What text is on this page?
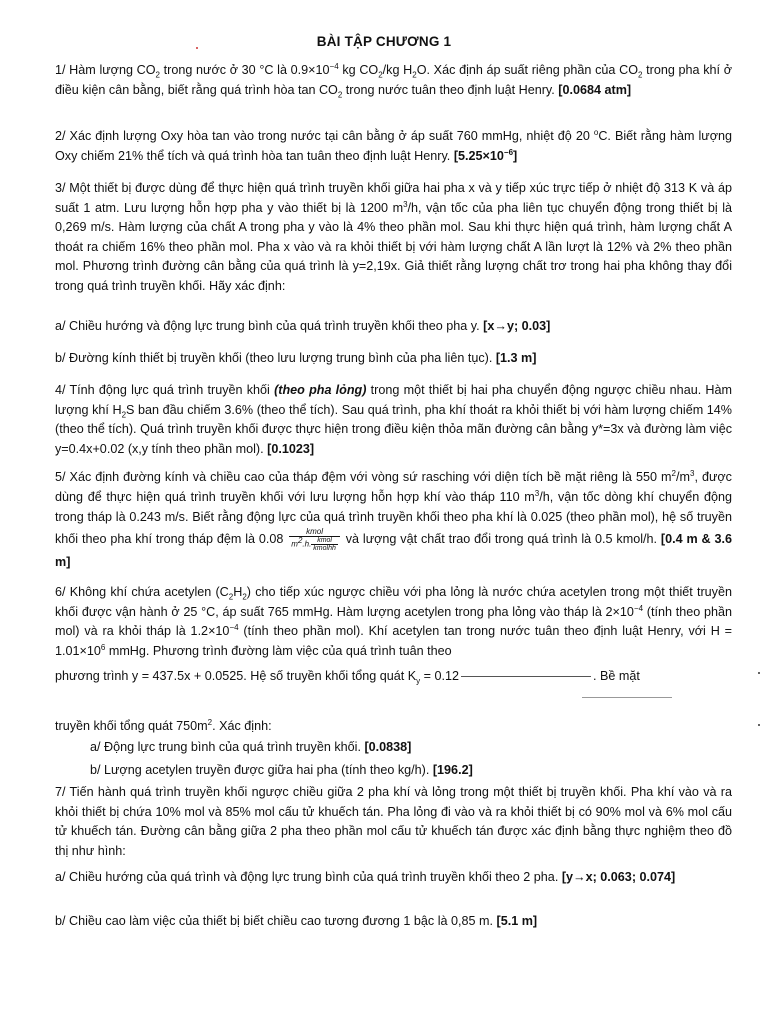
BÀI TẬP CHƯƠNG 1

1/ Hàm lượng $CO_2$ trong nước ở 30 °C là $0.9\times 10^{-4}$ kg $CO_2/kg$ $H_2O$. Xác định áp suất riêng phần của $CO_2$ trong pha khí ở điều kiện cân bằng, biết rằng quá trình hòa $\tan CO_2$ trong nước tuân theo định luật Henry. [0.0684 atm]

2/ Xác định lượng Oxy hòa tan vào trong nước tại cân bằng ở áp suất 760 mmHg, nhiệt độ 20 $^o$C. Biết rằng hàm lượng Oxy chiếm 21% thể tích và quá trình hòa tan tuân theo định luật Henry. $[5.25\times 10^{-6}]$

3/ Một thiết bị được dùng để thực hiện quá trình truyền khối giữa hai pha x và y tiếp xúc trực tiếp ở nhiệt độ 313 K và áp suất 1 atm. Lưu lượng hỗn hợp pha y vào thiết bị là 1200 $m^3/h$, vận tốc của pha liên tục chuyển động trong thiết bị là 0,269 m/s. Hàm lượng của chất A trong pha y vào là 4% theo phần mol. Sau khi thực hiện quá trình, hàm lượng chất A thoát ra chiếm 16% theo phần mol. Pha x vào và ra khỏi thiết bị với hàm lượng chất A lần lượt là 12% và 2% theo phần mol. Phương trình đường cân bằng của quá trình là y=2,19x. Giả thiết rằng lượng chất trơ trong hai pha không thay đổi trong quá trình truyền khối. Hãy xác định:

a/ Chiều hướng và động lực trung bình của quá trình truyền khối theo pha y. [x→y; 0.03]

b/ Đường kính thiết bị truyền khối (theo lưu lượng trung bình của pha liên tục). [1.3 m]

4/ Tính động lực quá trình truyền khối (theo pha lỏng) trong một thiết bị hai pha chuyển động ngược chiều nhau. Hàm lượng khí $H_2S$ ban đầu chiếm 3.6% (theo thể tích). Sau quá trình, pha khí thoát ra khỏi thiết bị với hàm lượng chiếm 14% (theo thể tích). Quá trình truyền khối được thực hiện trong điều kiện thỏa mãn đường cân bằng y*=3x và đường làm việc y=0.4x+0.02 (x,y tính theo phần mol). [0.1023]

5/ Xác định đường kính và chiều cao của tháp đệm với vòng sứ rasching với diện tích bề mặt riêng là 550 $m^2/m^3$, được dùng để thực hiện quá trình truyền khối với lưu lượng hỗn hợp khí vào tháp 110 $m^3/h$, vận tốc dòng khí chuyển động trong tháp là 0.243 m/s. Biết rằng động lực của quá trình truyền khối theo pha khí là 0.025 (theo phần mol), hệ số truyền khối theo pha khí trong tháp đệm là $0.08 \frac{\text{kmol}}{m^2.h. \frac{\text{kmol}}{\text{kmolhh}}}$ và lượng vật chất trao đổi trong quá trình là 0.5 kmol/h. [0.4 m & 3.6 m]

6/ Không khí chứa acetylen $(C_2H_2)$ cho tiếp xúc ngược chiều với pha lỏng là nước chứa acetylen trong một thiết truyền khối được vận hành ở 25 °C, áp suất 765 mmHg. Hàm lượng acetylen trong pha lỏng vào tháp là $2\times 10^{-4}$ (tính theo phần mol) và ra khỏi tháp là $1.2\times 10^{-4}$ (tính theo phần mol). Khí acetylen tan trong nước tuân theo định luật Henry, với $H = 1.01\times 10^6$ mmHg. Phương trình đường làm việc của quá trình tuân theo

phương trình y = 437.5x + 0.0525. Hệ số truyền khối tổng quát $K_y = 0.12$	. Bề mặt

truyền khối tổng quát $750m^2$. Xác định:

a/ Động lực trung bình của quá trình truyền khối. [0.0838]

b/ Lượng acetylen truyền được giữa hai pha (tính theo kg/h). [196.2]

7/ Tiến hành quá trình truyền khối ngược chiều giữa 2 pha khí và lỏng trong một thiết bị truyền khối. Pha khí vào và ra khỏi thiết bị chứa 10% mol và 85% mol cấu tử khuếch tán. Pha lỏng đi vào và ra khỏi thiết bị có 90% mol và 6% mol cấu tử khuếch tán. Đường cân bằng giữa 2 pha theo phần mol cấu tử khuếch tán được xác định bằng thực nghiệm theo đồ thị như hình:

a/ Chiều hướng của quá trình và động lực trung bình của quá trình truyền khối theo 2 pha. [y→x; 0.063; 0.074]

b/ Chiều cao làm việc của thiết bị biết chiều cao tương đương 1 bậc là 0,85 m. [5.1 m]
